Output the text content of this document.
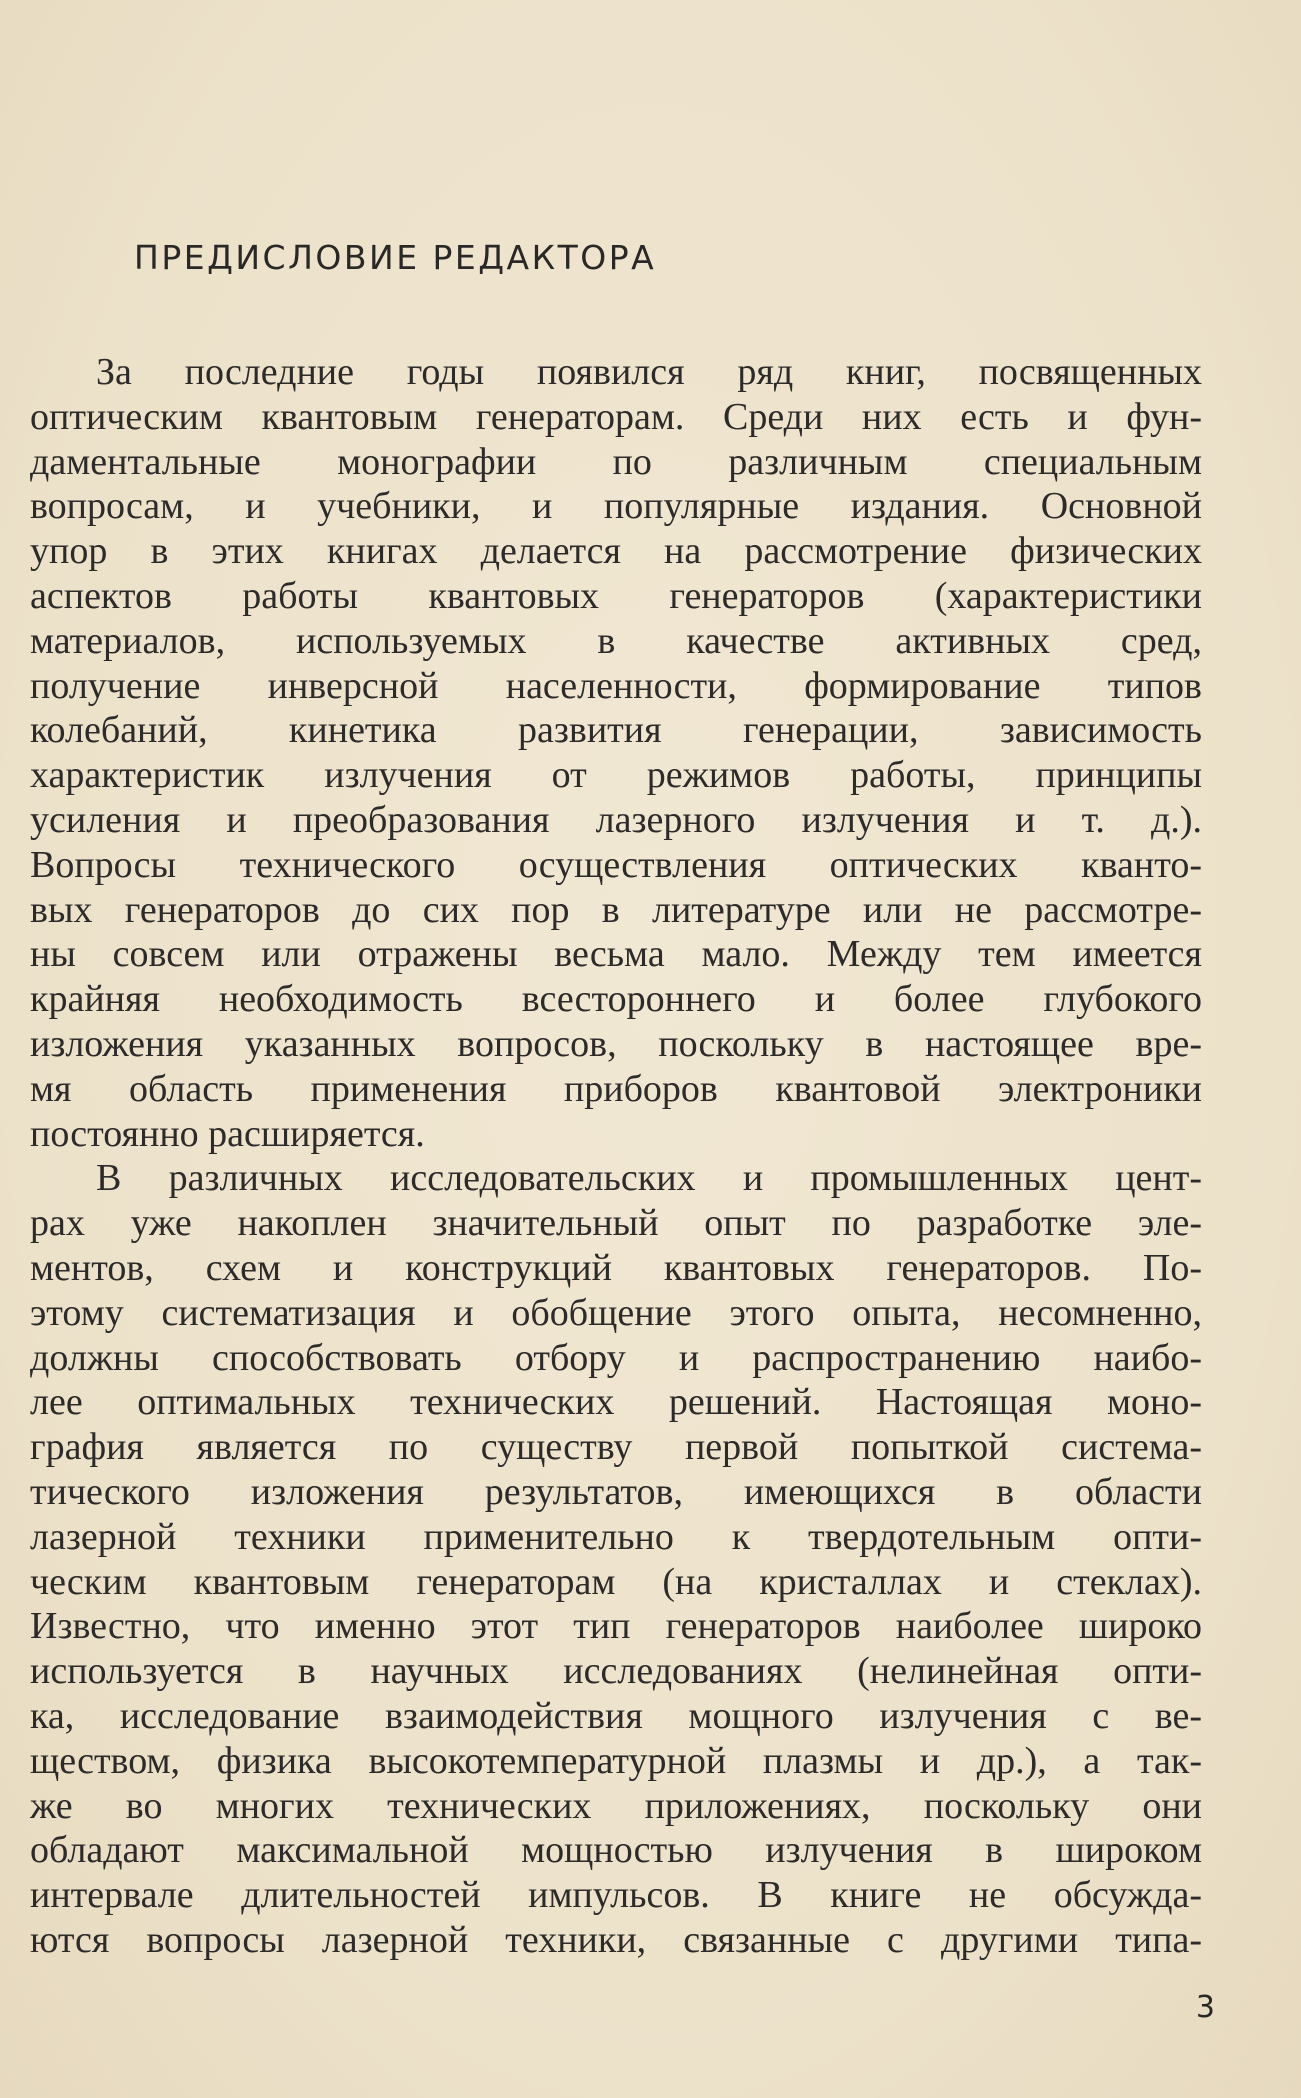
ПРЕДИСЛОВИЕ РЕДАКТОРА
За последние годы появился ряд книг, посвященных
оптическим квантовым генераторам. Среди них есть и фун-
даментальные монографии по различным специальным
вопросам, и учебники, и популярные издания. Основной
упор в этих книгах делается на рассмотрение физических
аспектов работы квантовых генераторов (характеристики
материалов, используемых в качестве активных сред,
получение инверсной населенности, формирование типов
колебаний, кинетика развития генерации, зависимость
характеристик излучения от режимов работы, принципы
усиления и преобразования лазерного излучения и т. д.).
Вопросы технического осуществления оптических кванто-
вых генераторов до сих пор в литературе или не рассмотре-
ны совсем или отражены весьма мало. Между тем имеется
крайняя необходимость всестороннего и более глубокого
изложения указанных вопросов, поскольку в настоящее вре-
мя область применения приборов квантовой электроники
постоянно расширяется.
В различных исследовательских и промышленных цент-
рах уже накоплен значительный опыт по разработке эле-
ментов, схем и конструкций квантовых генераторов. По-
этому систематизация и обобщение этого опыта, несомненно,
должны способствовать отбору и распространению наибо-
лее оптимальных технических решений. Настоящая моно-
графия является по существу первой попыткой система-
тического изложения результатов, имеющихся в области
лазерной техники применительно к твердотельным опти-
ческим квантовым генераторам (на кристаллах и стеклах).
Известно, что именно этот тип генераторов наиболее широко
используется в научных исследованиях (нелинейная опти-
ка, исследование взаимодействия мощного излучения с ве-
ществом, физика высокотемпературной плазмы и др.), а так-
же во многих технических приложениях, поскольку они
обладают максимальной мощностью излучения в широком
интервале длительностей импульсов. В книге не обсужда-
ются вопросы лазерной техники, связанные с другими типа-
3
